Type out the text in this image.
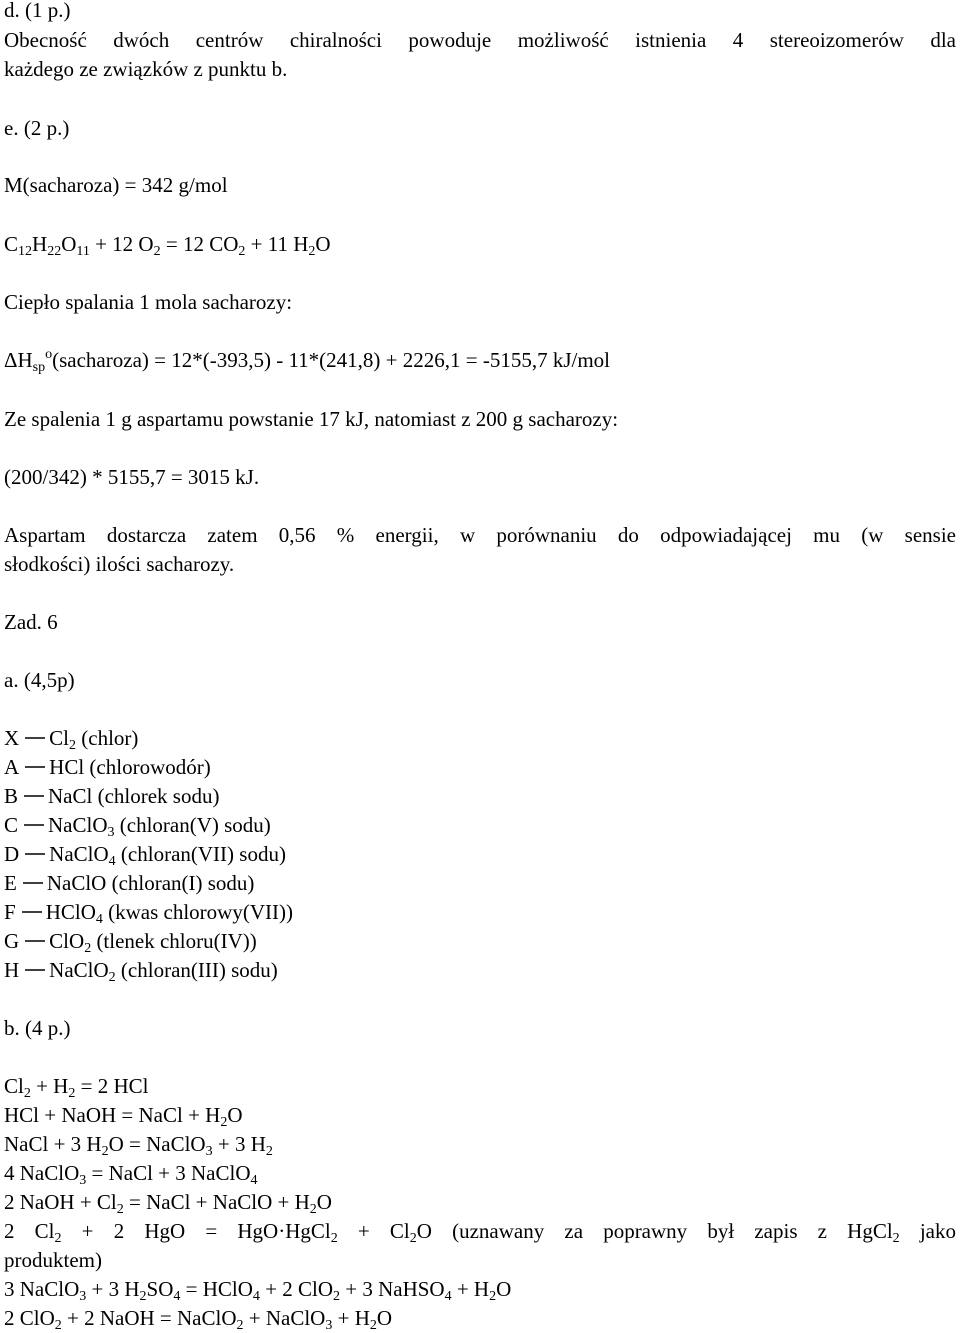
d. (1 p.)
Obecność dwóch centrów chiralności powoduje możliwość istnienia 4 stereoizomerów dla
każdego ze związków z punktu b.
e. (2 p.)
M(sacharoza) = 342 g/mol
$C_{12}H_{22}O_{11} + 12$ $O_2 = 12$ $CO_2 + 11$ $H_2O$
Ciepło spalania 1 mola sacharozy:
$\Delta H_{sp}^o(sacharoza) = 12*(-393,5) - 11*(241,8) + 2226,1 = -5155,7$ kJ/mol
Ze spalenia 1 g aspartamu powstanie 17 kJ, natomiast z 200 g sacharozy:
(200/342) * 5155,7 = 3015 kJ.
Aspartam dostarcza zatem 0,56 % energii, w porównaniu do odpowiadającej mu (w sensie
słodkości) ilości sacharozy.
Zad. 6
a. (4,5p)
X $Cl_2$ (chlor)
A HCl (chlorowodór)
B NaCl (chlorek sodu)
C NaClO$_3$ (chloran(V) sodu)
D NaClO$_4$ (chloran(VII) sodu)
E NaClO (chloran(I) sodu)
F HClO$_4$ (kwas chlorowy(VII))
G ClO$_2$ (tlenek chloru(IV))
H NaClO$_2$ (chloran(III) sodu)
b. (4 p.)
$Cl_2 + H_2 = 2$ HCl
HCl + NaOH = NaCl + $H_2O$
NaCl + 3 $H_2O$ = NaClO$_3$ + 3 $H_2$
4 NaClO$_3$ = NaCl + 3 NaClO$_4$
2 NaOH + $Cl_2$ = NaCl + NaClO + $H_2O$
2 $Cl_2 + 2$ HgO = HgO·HgCl$_2$ + $Cl_2O$ (uznawany za poprawny był zapis z HgCl$_2$ jako
produktem)
3 NaClO$_3$ + 3 $H_2SO_4$ = HClO$_4$ + 2 ClO$_2$ + 3 NaHSO$_4$ + $H_2O$
2 ClO$_2$ + 2 NaOH = NaClO$_2$ + NaClO$_3$ + $H_2O$
